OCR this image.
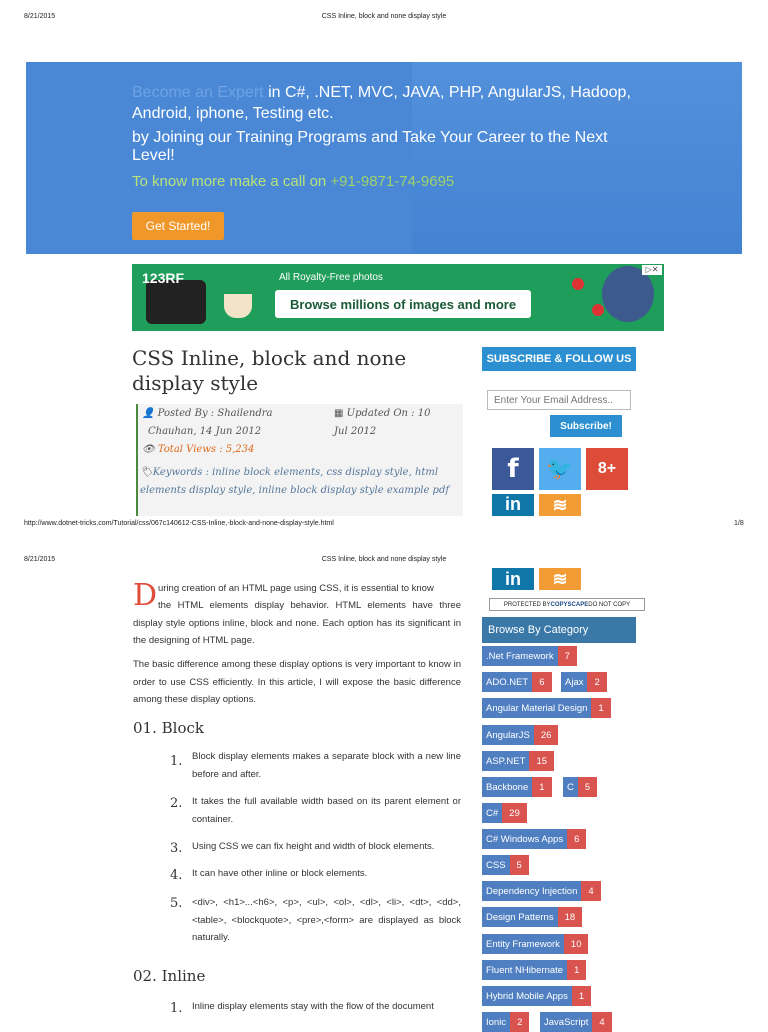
8/21/2015	CSS Inline, block and none display style
Become an Expert in C#, .NET, MVC, JAVA, PHP, AngularJS, Hadoop, Android, iphone, Testing etc.
by Joining our Training Programs and Take Your Career to the Next Level!
To know more make a call on +91-9871-74-9695
Get Started!
123RF	All Royalty-Free photos
Browse millions of images and more
▷✕
CSS Inline, block and none display style
👤 Posted By : Shailendra	▦ Updated On : 10
Chauhan, 14 Jun 2012	Jul 2012
👁 Total Views : 5,234
🏷Keywords : inline block elements, css display style, html elements display style, inline block display style example pdf
SUBSCRIBE & FOLLOW US
Enter Your Email Address..
Subscribe!
f	🐦	8+
in	≋
http://www.dotnet-tricks.com/Tutorial/css/067c140612-CSS-Inline,-block-and-none-display-style.html	1/8
8/21/2015	CSS Inline, block and none display style
in	≋
PROTECTED BY COPYSCAPE DO NOT COPY
Browse By Category
.Net Framework	7
ADO.NET	6	Ajax	2
Angular Material Design	1
AngularJS	26
ASP.NET	15
Backbone	1	C	5
C#	29
C# Windows Apps	6
CSS	5
Dependency Injection	4
Design Patterns	18
Entity Framework	10
Fluent NHibernate	1
Hybrid Mobile Apps	1
Ionic	2	JavaScript	4
D uring creation of an HTML page using CSS, it is essential to know
the HTML elements display behavior. HTML elements have three display style options inline, block and none. Each option has its significant in the designing of HTML page.
The basic difference among these display options is very important to know in order to use CSS efficiently. In this article, I will expose the basic difference among these display options.
01. Block
1. Block display elements makes a separate block with a new line before and after.
2. It takes the full available width based on its parent element or container.
3. Using CSS we can fix height and width of block elements.
4. It can have other inline or block elements.
5. <div>, <h1>...<h6>, <p>, <ul>, <ol>, <dl>, <li>, <dt>, <dd>,<table>, <blockquote>, <pre>,<form> are displayed as block naturally.
02. Inline
1. Inline display elements stay with the flow of the document
